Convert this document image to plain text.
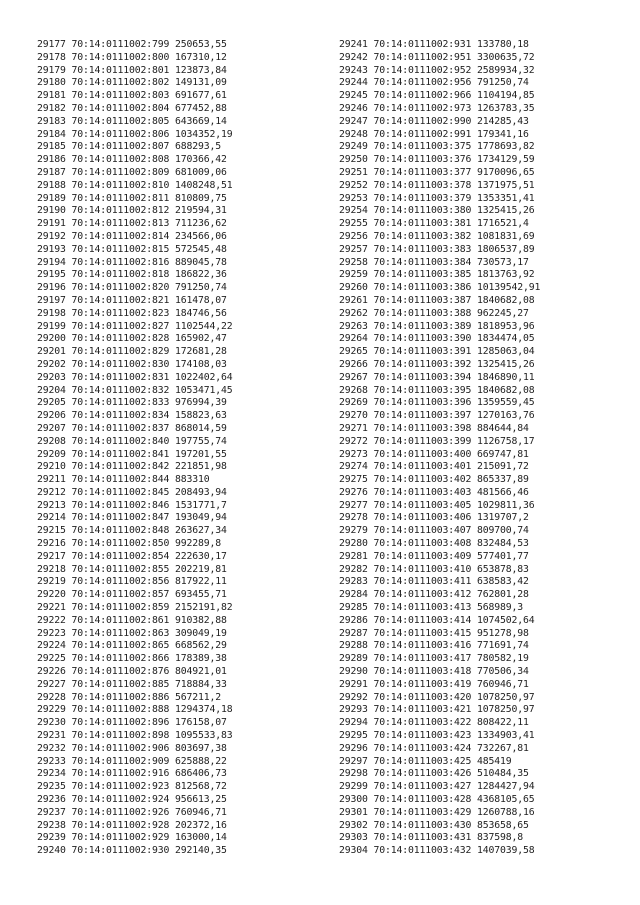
29177 70:14:0111002:799 250653,55
29178 70:14:0111002:800 167310,12
29179 70:14:0111002:801 123873,84
29180 70:14:0111002:802 149131,09
29181 70:14:0111002:803 691677,61
29182 70:14:0111002:804 677452,88
29183 70:14:0111002:805 643669,14
29184 70:14:0111002:806 1034352,19
29185 70:14:0111002:807 688293,5
29186 70:14:0111002:808 170366,42
29187 70:14:0111002:809 681009,06
29188 70:14:0111002:810 1408248,51
29189 70:14:0111002:811 810809,75
29190 70:14:0111002:812 219594,31
29191 70:14:0111002:813 711236,62
29192 70:14:0111002:814 234566,06
29193 70:14:0111002:815 572545,48
29194 70:14:0111002:816 889045,78
29195 70:14:0111002:818 186822,36
29196 70:14:0111002:820 791250,74
29197 70:14:0111002:821 161478,07
29198 70:14:0111002:823 184746,56
29199 70:14:0111002:827 1102544,22
29200 70:14:0111002:828 165902,47
29201 70:14:0111002:829 172681,28
29202 70:14:0111002:830 174108,03
29203 70:14:0111002:831 1022402,64
29204 70:14:0111002:832 1053471,45
29205 70:14:0111002:833 976994,39
29206 70:14:0111002:834 158823,63
29207 70:14:0111002:837 868014,59
29208 70:14:0111002:840 197755,74
29209 70:14:0111002:841 197201,55
29210 70:14:0111002:842 221851,98
29211 70:14:0111002:844 883310
29212 70:14:0111002:845 208493,94
29213 70:14:0111002:846 1531771,7
29214 70:14:0111002:847 193049,94
29215 70:14:0111002:848 263627,34
29216 70:14:0111002:850 992289,8
29217 70:14:0111002:854 222630,17
29218 70:14:0111002:855 202219,81
29219 70:14:0111002:856 817922,11
29220 70:14:0111002:857 693455,71
29221 70:14:0111002:859 2152191,82
29222 70:14:0111002:861 910382,88
29223 70:14:0111002:863 309049,19
29224 70:14:0111002:865 668562,29
29225 70:14:0111002:866 178389,38
29226 70:14:0111002:876 804921,01
29227 70:14:0111002:885 718884,33
29228 70:14:0111002:886 567211,2
29229 70:14:0111002:888 1294374,18
29230 70:14:0111002:896 176158,07
29231 70:14:0111002:898 1095533,83
29232 70:14:0111002:906 803697,38
29233 70:14:0111002:909 625888,22
29234 70:14:0111002:916 686406,73
29235 70:14:0111002:923 812568,72
29236 70:14:0111002:924 956613,25
29237 70:14:0111002:926 760946,71
29238 70:14:0111002:928 202372,16
29239 70:14:0111002:929 163000,14
29240 70:14:0111002:930 292140,35
29241 70:14:0111002:931 133780,18
29242 70:14:0111002:951 3300635,72
29243 70:14:0111002:952 2589934,32
29244 70:14:0111002:956 791250,74
29245 70:14:0111002:966 1104194,85
29246 70:14:0111002:973 1263783,35
29247 70:14:0111002:990 214285,43
29248 70:14:0111002:991 179341,16
29249 70:14:0111003:375 1778693,82
29250 70:14:0111003:376 1734129,59
29251 70:14:0111003:377 9170096,65
29252 70:14:0111003:378 1371975,51
29253 70:14:0111003:379 1353351,41
29254 70:14:0111003:380 1325415,26
29255 70:14:0111003:381 1716521,4
29256 70:14:0111003:382 1081831,69
29257 70:14:0111003:383 1806537,89
29258 70:14:0111003:384 730573,17
29259 70:14:0111003:385 1813763,92
29260 70:14:0111003:386 10139542,91
29261 70:14:0111003:387 1840682,08
29262 70:14:0111003:388 962245,27
29263 70:14:0111003:389 1818953,96
29264 70:14:0111003:390 1834474,05
29265 70:14:0111003:391 1285063,04
29266 70:14:0111003:392 1325415,26
29267 70:14:0111003:394 1846890,11
29268 70:14:0111003:395 1840682,08
29269 70:14:0111003:396 1359559,45
29270 70:14:0111003:397 1270163,76
29271 70:14:0111003:398 884644,84
29272 70:14:0111003:399 1126758,17
29273 70:14:0111003:400 669747,81
29274 70:14:0111003:401 215091,72
29275 70:14:0111003:402 865337,89
29276 70:14:0111003:403 481566,46
29277 70:14:0111003:405 1029811,36
29278 70:14:0111003:406 1319707,2
29279 70:14:0111003:407 809700,74
29280 70:14:0111003:408 832484,53
29281 70:14:0111003:409 577401,77
29282 70:14:0111003:410 653878,83
29283 70:14:0111003:411 638583,42
29284 70:14:0111003:412 762801,28
29285 70:14:0111003:413 568989,3
29286 70:14:0111003:414 1074502,64
29287 70:14:0111003:415 951278,98
29288 70:14:0111003:416 771691,74
29289 70:14:0111003:417 780582,19
29290 70:14:0111003:418 770506,34
29291 70:14:0111003:419 760946,71
29292 70:14:0111003:420 1078250,97
29293 70:14:0111003:421 1078250,97
29294 70:14:0111003:422 808422,11
29295 70:14:0111003:423 1334903,41
29296 70:14:0111003:424 732267,81
29297 70:14:0111003:425 485419
29298 70:14:0111003:426 510484,35
29299 70:14:0111003:427 1284427,94
29300 70:14:0111003:428 4368105,65
29301 70:14:0111003:429 1260788,16
29302 70:14:0111003:430 853658,65
29303 70:14:0111003:431 837598,8
29304 70:14:0111003:432 1407039,58
